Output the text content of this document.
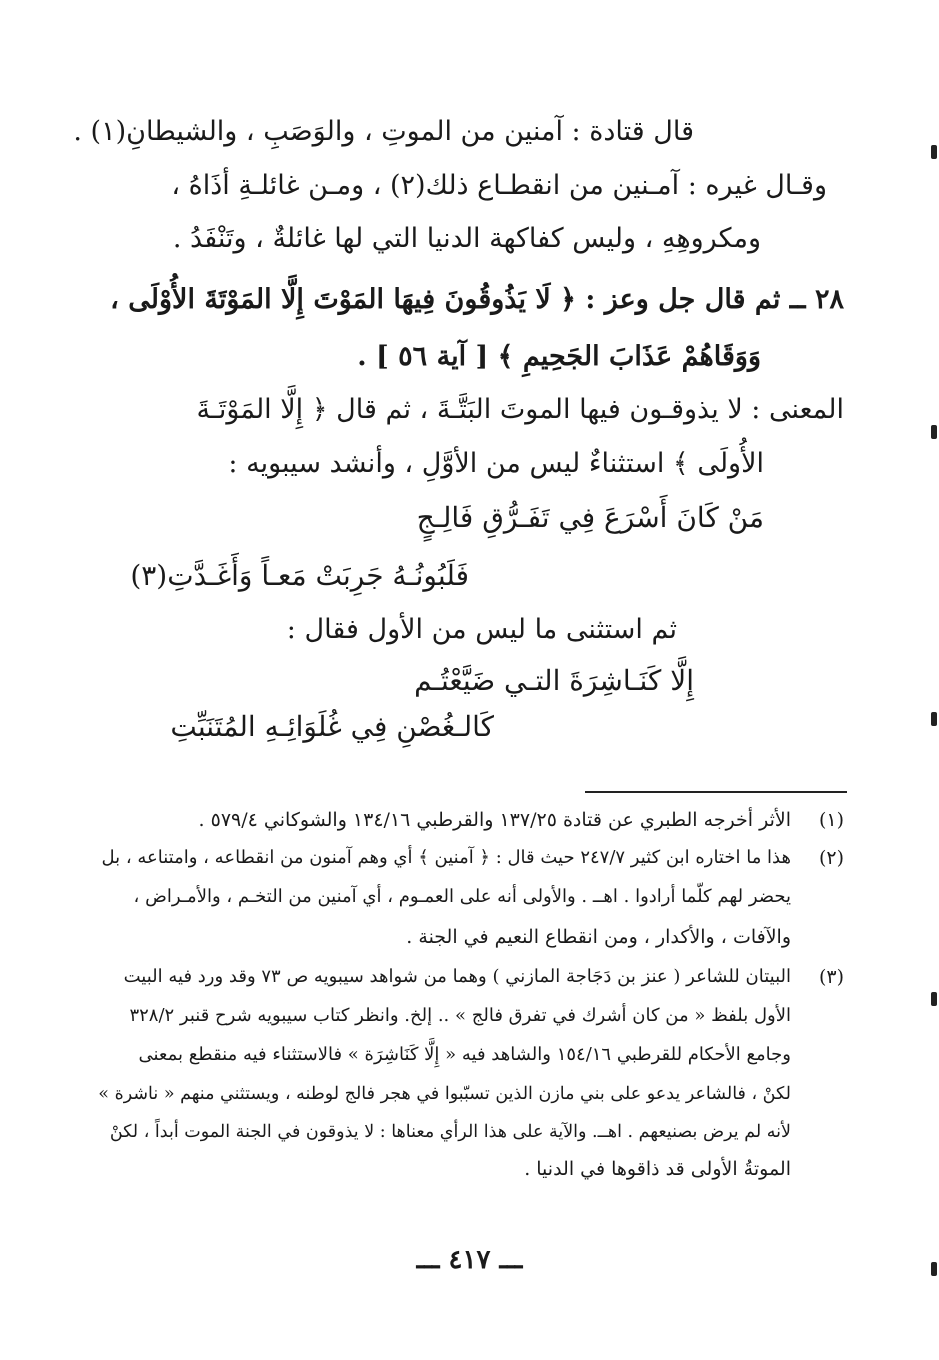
قال قتادة : آمنين من الموتِ ، والوَصَبِ ، والشيطانِ(١) .
وقـال غيره : آمـنين من انقطـاع ذلك(٢) ، ومـن غائلـةِ أذَاهُ ،
ومكروهِهِ ، وليس كفاكهة الدنيا التي لها غائلةٌ ، وتَنْفَدُ .
٢٨ ــ ثم قال جل وعز : ﴿ لَا يَذُوقُونَ فِيهَا المَوْتَ إِلَّا المَوْتَةَ الأُوْلَى ،
وَوَقَاهُمْ عَذَابَ الجَحِيمِ ﴾ [ آية ٥٦ ] .
المعنى : لا يذوقـون فيها الموتَ البَتَّـةَ ، ثم قال ﴿ إِلَّا المَوْتَـةَ
الأُولَى ﴾ استثناءٌ ليس من الأوَّلِ ، وأنشد سيبويه :
مَنْ كَانَ أَسْرَعَ فِي تَفَـرُّقِ فَالِـجٍ
فَلَبُونُـهُ جَرِبَتْ مَعـاً وَأَغَـدَّتِ(٣)
ثم استثنى ما ليس من الأول فقال :
إِلَّا كَنَـاشِرَةَ التـي ضَيَّعْتُـم
كَالـغُصْنِ فِي غُلَوَائِـهِ المُتَنَبِّتِ
(١)
الأثر أخرجه الطبري عن قتادة ١٣٧/٢٥ والقرطبي ١٣٤/١٦ والشوكاني ٥٧٩/٤ .
(٢)
هذا ما اختاره ابن كثير ٢٤٧/٧ حيث قال : ﴿ آمنين ﴾ أي وهم آمنون من انقطاعه ، وامتناعه ، بل
يحضر لهم كلّما أرادوا . اهــ . والأولى أنه على العمـوم ، أي آمنين من التخـم ، والأمـراض ،
والآفات ، والأكدار ، ومن انقطاع النعيم في الجنة .
(٣)
البيتان للشاعر ( عنز بن دَجَاجة المازني ) وهما من شواهد سيبويه ص ٧٣ وقد ورد فيه البيت
الأول بلفظ « من كان أشرك في تفرق فالج » .. إلخ. وانظر كتاب سيبويه شرح قنبر ٣٢٨/٢
وجامع الأحكام للقرطبي ١٥٤/١٦ والشاهد فيه « إِلَّا كَنَاشِرَة » فالاستثناء فيه منقطع بمعنى
لكنْ ، فالشاعر يدعو على بني مازن الذين تسبّبوا في هجر فالج لوطنه ، ويستثني منهم « ناشرة »
لأنه لم يرض بصنيعهم . اهــ. والآية على هذا الرأي معناها : لا يذوقون في الجنة الموت أبداً ، لكنْ
الموتةُ الأولى قد ذاقوها في الدنيا .
ـــ ٤١٧ ـــ
